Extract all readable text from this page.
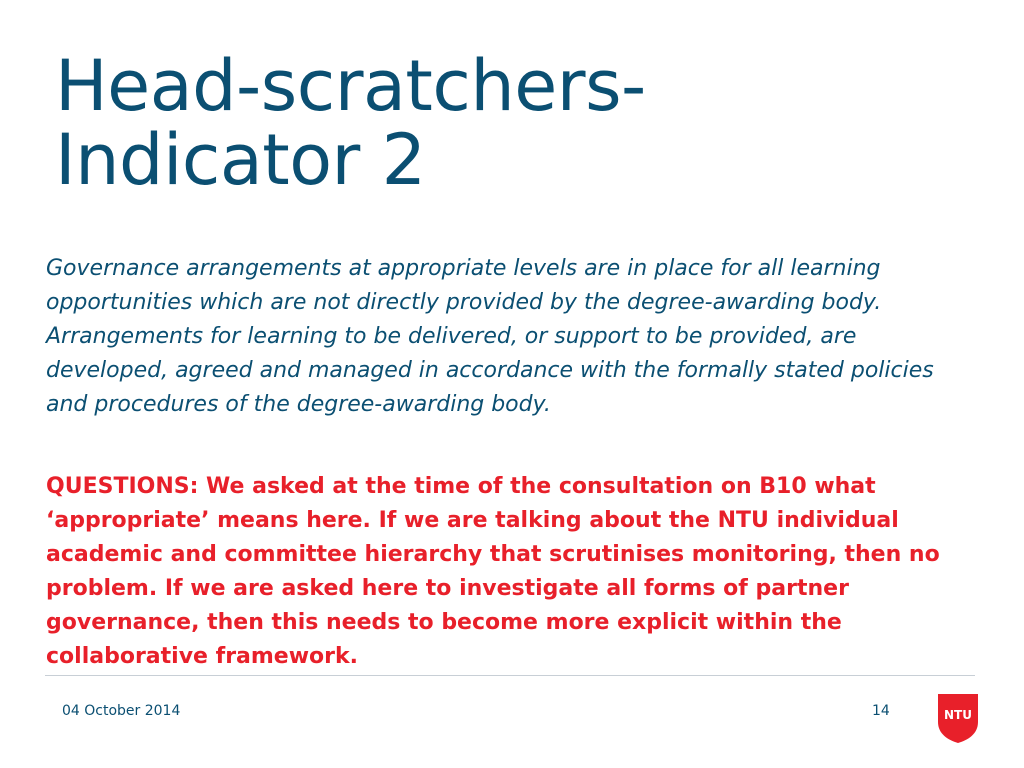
Head-scratchers-
Indicator 2

Governance arrangements at appropriate levels are in place for all learning opportunities which are not directly provided by the degree-awarding body. Arrangements for learning to be delivered, or support to be provided, are developed, agreed and managed in accordance with the formally stated policies and procedures of the degree-awarding body.

QUESTIONS: We asked at the time of the consultation on B10 what ‘appropriate’ means here. If we are talking about the NTU individual academic and committee hierarchy that scrutinises monitoring, then no problem. If we are asked here to investigate all forms of partner governance, then this needs to become more explicit within the collaborative framework.

04 October 2014	14	NTU
